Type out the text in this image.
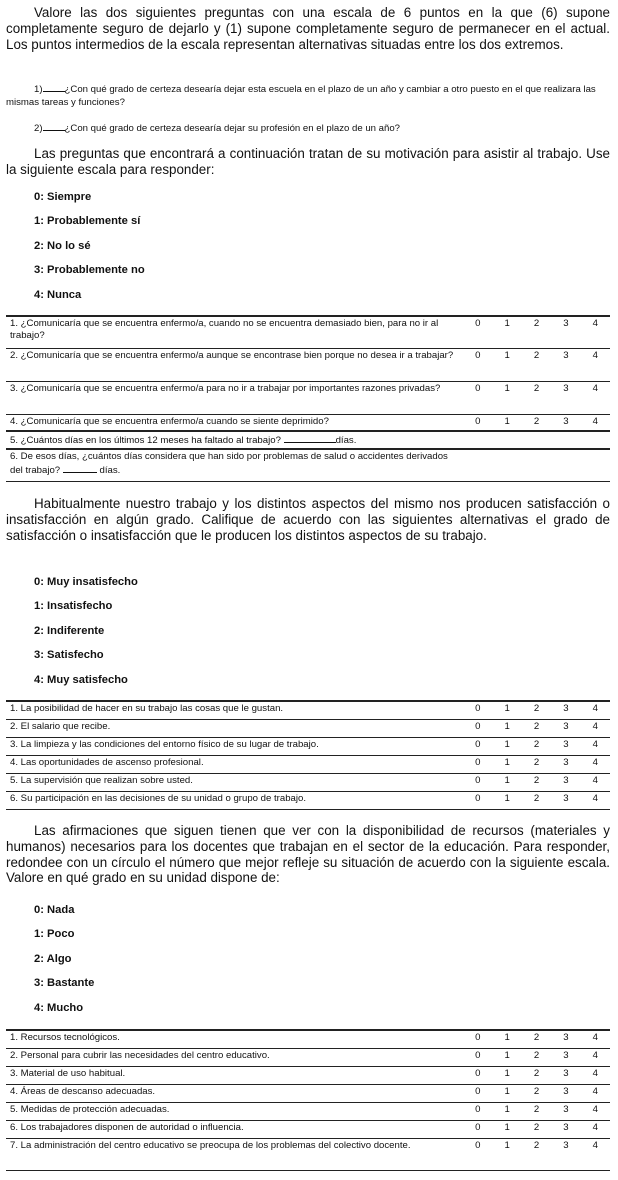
Valore las dos siguientes preguntas con una escala de 6 puntos en la que (6) supone completamente seguro de dejarlo y (1) supone completamente seguro de permanecer en el actual. Los puntos intermedios de la escala representan alternativas situadas entre los dos extremos.

1) ¿Con qué grado de certeza desearía dejar esta escuela en el plazo de un año y cambiar a otro puesto en el que realizara las mismas tareas y funciones?

2) ¿Con qué grado de certeza desearía dejar su profesión en el plazo de un año?

Las preguntas que encontrará a continuación tratan de su motivación para asistir al trabajo. Use la siguiente escala para responder:

0: Siempre

1: Probablemente sí

2: No lo sé

3: Probablemente no

4: Nunca

1. ¿Comunicaría que se encuentra enfermo/a, cuando no se encuentra demasiado bien, para no ir al trabajo?	0	1	2	3	4
2. ¿Comunicaría que se encuentra enfermo/a aunque se encontrase bien porque no desea ir a trabajar?	0	1	2	3	4
3. ¿Comunicaría que se encuentra enfermo/a para no ir a trabajar por importantes razones privadas?	0	1	2	3	4
4. ¿Comunicaría que se encuentra enfermo/a cuando se siente deprimido?	0	1	2	3	4
5. ¿Cuántos días en los últimos 12 meses ha faltado al trabajo? días.					
6. De esos días, ¿cuántos días considera que han sido por problemas de salud o accidentes derivados del trabajo? días.					

Habitualmente nuestro trabajo y los distintos aspectos del mismo nos producen satisfacción o insatisfacción en algún grado. Califique de acuerdo con las siguientes alternativas el grado de satisfacción o insatisfacción que le producen los distintos aspectos de su trabajo.

0: Muy insatisfecho

1: Insatisfecho

2: Indiferente

3: Satisfecho

4: Muy satisfecho

1. La posibilidad de hacer en su trabajo las cosas que le gustan.	0	1	2	3	4
2. El salario que recibe.	0	1	2	3	4
3. La limpieza y las condiciones del entorno físico de su lugar de trabajo.	0	1	2	3	4
4. Las oportunidades de ascenso profesional.	0	1	2	3	4
5. La supervisión que realizan sobre usted.	0	1	2	3	4
6. Su participación en las decisiones de su unidad o grupo de trabajo.	0	1	2	3	4

Las afirmaciones que siguen tienen que ver con la disponibilidad de recursos (materiales y humanos) necesarios para los docentes que trabajan en el sector de la educación. Para responder, redondee con un círculo el número que mejor refleje su situación de acuerdo con la siguiente escala. Valore en qué grado en su unidad dispone de:

0: Nada

1: Poco

2: Algo

3: Bastante

4: Mucho

1. Recursos tecnológicos.	0	1	2	3	4
2. Personal para cubrir las necesidades del centro educativo.	0	1	2	3	4
3. Material de uso habitual.	0	1	2	3	4
4. Áreas de descanso adecuadas.	0	1	2	3	4
5. Medidas de protección adecuadas.	0	1	2	3	4
6. Los trabajadores disponen de autoridad o influencia.	0	1	2	3	4
7. La administración del centro educativo se preocupa de los problemas del colectivo docente.	0	1	2	3	4
